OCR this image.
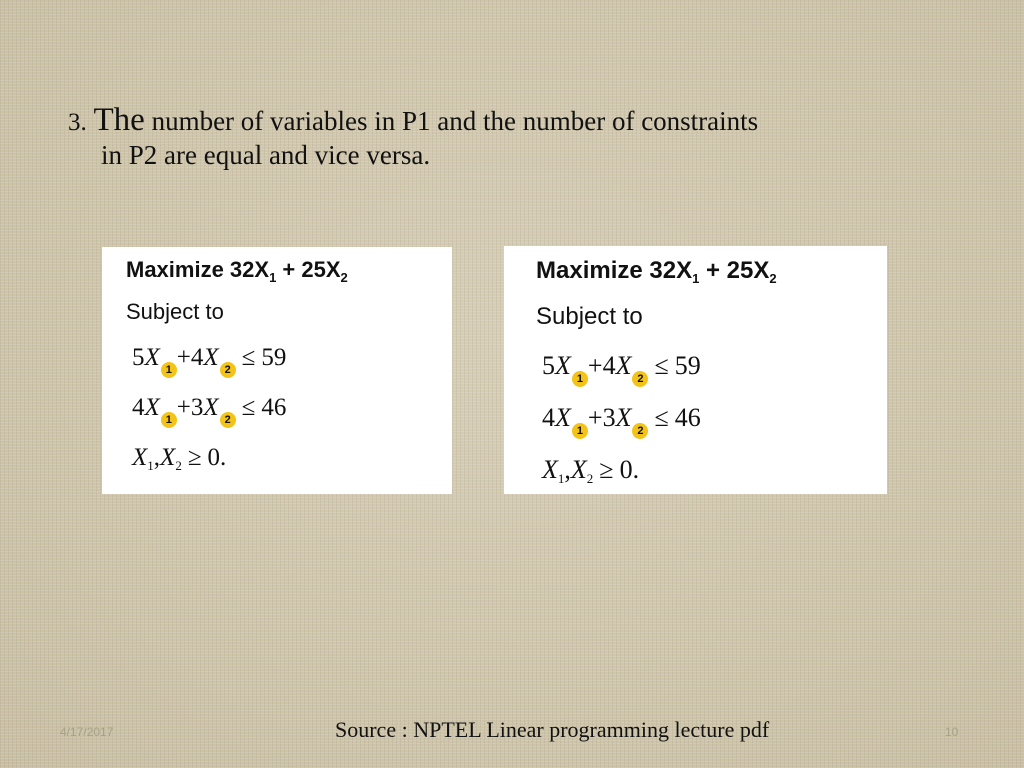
3. The number of variables in P1 and the number of constraints
in P2 are equal and vice versa.
Maximize $32X_1 + 25X_2$
Subject to
5X 1 +4X 2 ≤ 59
4X 1 +3X 2 ≤ 46
$X_1,X_2 \ge 0$.
Maximize $32X_1 + 25X_2$
Subject to
5X 1 +4X 2 ≤ 59
4X 1 +3X 2 ≤ 46
$X_1,X_2 \ge 0$.
4/17/2017	Source : NPTEL Linear programming lecture pdf	10
